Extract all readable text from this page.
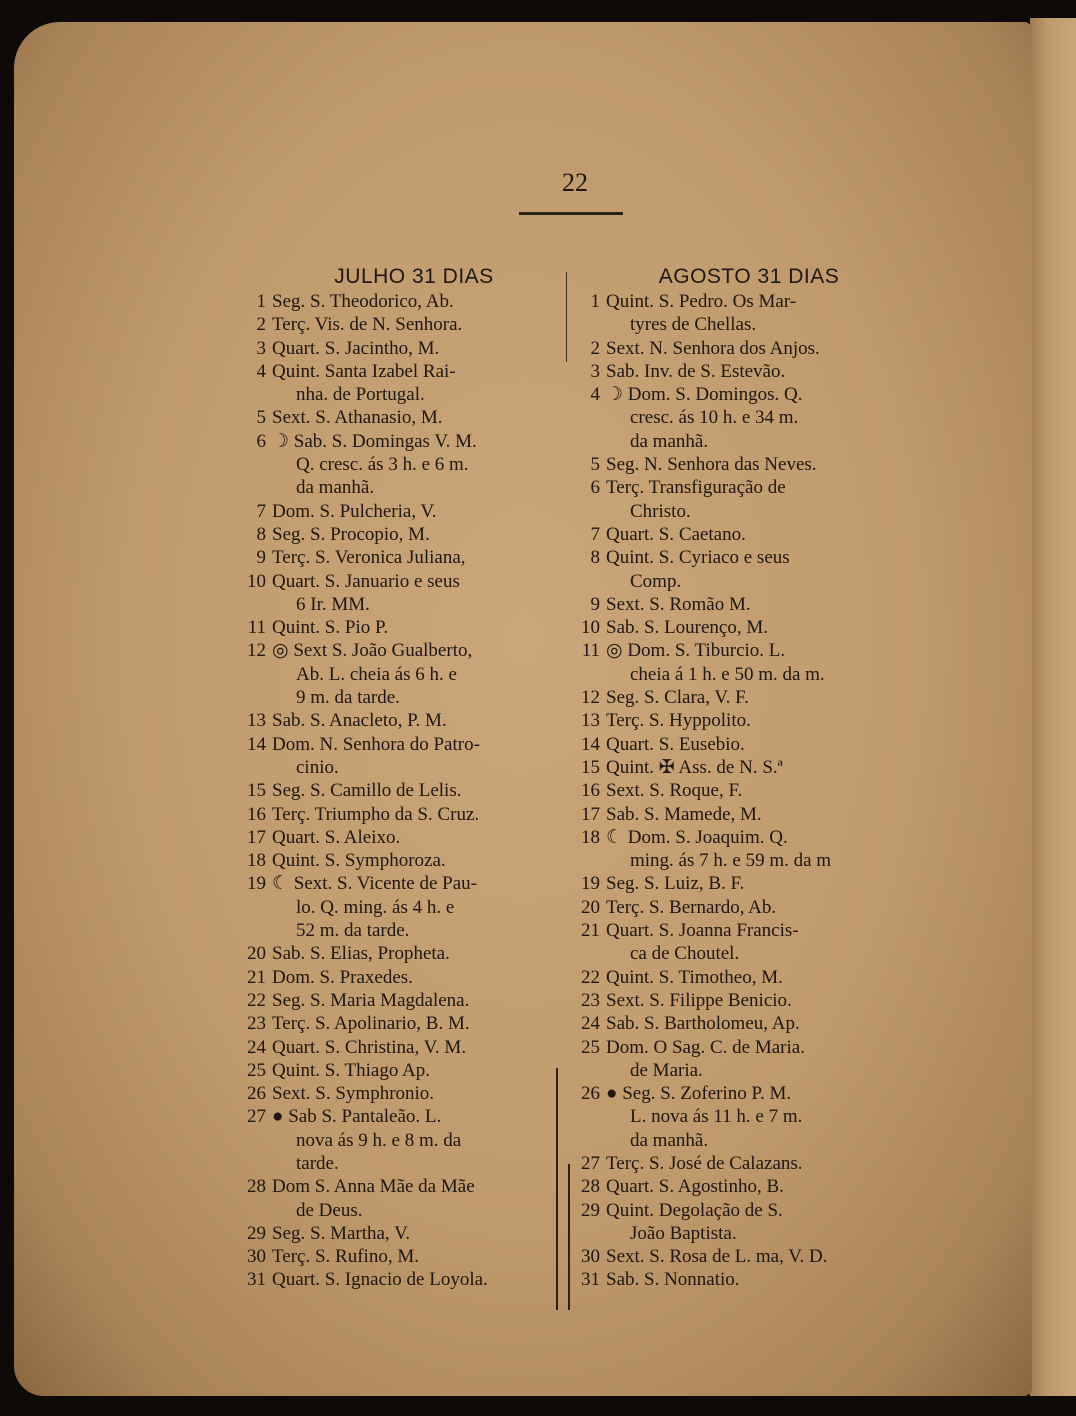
22
JULHO 31 DIAS
1 Seg. S. Theodorico, Ab.
2 Terç. Vis. de N. Senhora.
3 Quart. S. Jacintho, M.
4 Quint. Santa Izabel Rai-
nha. de Portugal.
5 Sext. S. Athanasio, M.
6 ☽ Sab. S. Domingas V. M.
Q. cresc. ás 3 h. e 6 m.
da manhã.
7 Dom. S. Pulcheria, V.
8 Seg. S. Procopio, M.
9 Terç. S. Veronica Juliana,
10 Quart. S. Januario e seus
6 Ir. MM.
11 Quint. S. Pio P.
12 ◎ Sext S. João Gualberto,
Ab. L. cheia ás 6 h. e
9 m. da tarde.
13 Sab. S. Anacleto, P. M.
14 Dom. N. Senhora do Patro-
cinio.
15 Seg. S. Camillo de Lelis.
16 Terç. Triumpho da S. Cruz.
17 Quart. S. Aleixo.
18 Quint. S. Symphoroza.
19 ☾ Sext. S. Vicente de Pau-
lo. Q. ming. ás 4 h. e
52 m. da tarde.
20 Sab. S. Elias, Propheta.
21 Dom. S. Praxedes.
22 Seg. S. Maria Magdalena.
23 Terç. S. Apolinario, B. M.
24 Quart. S. Christina, V. M.
25 Quint. S. Thiago Ap.
26 Sext. S. Symphronio.
27 ● Sab S. Pantaleão. L.
nova ás 9 h. e 8 m. da
tarde.
28 Dom S. Anna Mãe da Mãe
de Deus.
29 Seg. S. Martha, V.
30 Terç. S. Rufino, M.
31 Quart. S. Ignacio de Loyola.
AGOSTO 31 DIAS
1 Quint. S. Pedro. Os Mar-
tyres de Chellas.
2 Sext. N. Senhora dos Anjos.
3 Sab. Inv. de S. Estevão.
4 ☽ Dom. S. Domingos. Q.
cresc. ás 10 h. e 34 m.
da manhã.
5 Seg. N. Senhora das Neves.
6 Terç. Transfiguração de
Christo.
7 Quart. S. Caetano.
8 Quint. S. Cyriaco e seus
Comp.
9 Sext. S. Romão M.
10 Sab. S. Lourenço, M.
11 ◎ Dom. S. Tiburcio. L.
cheia á 1 h. e 50 m. da m.
12 Seg. S. Clara, V. F.
13 Terç. S. Hyppolito.
14 Quart. S. Eusebio.
15 Quint. ✠ Ass. de N. S.ª
16 Sext. S. Roque, F.
17 Sab. S. Mamede, M.
18 ☾ Dom. S. Joaquim. Q.
ming. ás 7 h. e 59 m. da m
19 Seg. S. Luiz, B. F.
20 Terç. S. Bernardo, Ab.
21 Quart. S. Joanna Francis-
ca de Choutel.
22 Quint. S. Timotheo, M.
23 Sext. S. Filippe Benicio.
24 Sab. S. Bartholomeu, Ap.
25 Dom. O Sag. C. de Maria.
de Maria.
26 ● Seg. S. Zoferino P. M.
L. nova ás 11 h. e 7 m.
da manhã.
27 Terç. S. José de Calazans.
28 Quart. S. Agostinho, B.
29 Quint. Degolação de S.
João Baptista.
30 Sext. S. Rosa de L. ma, V. D.
31 Sab. S. Nonnatio.
